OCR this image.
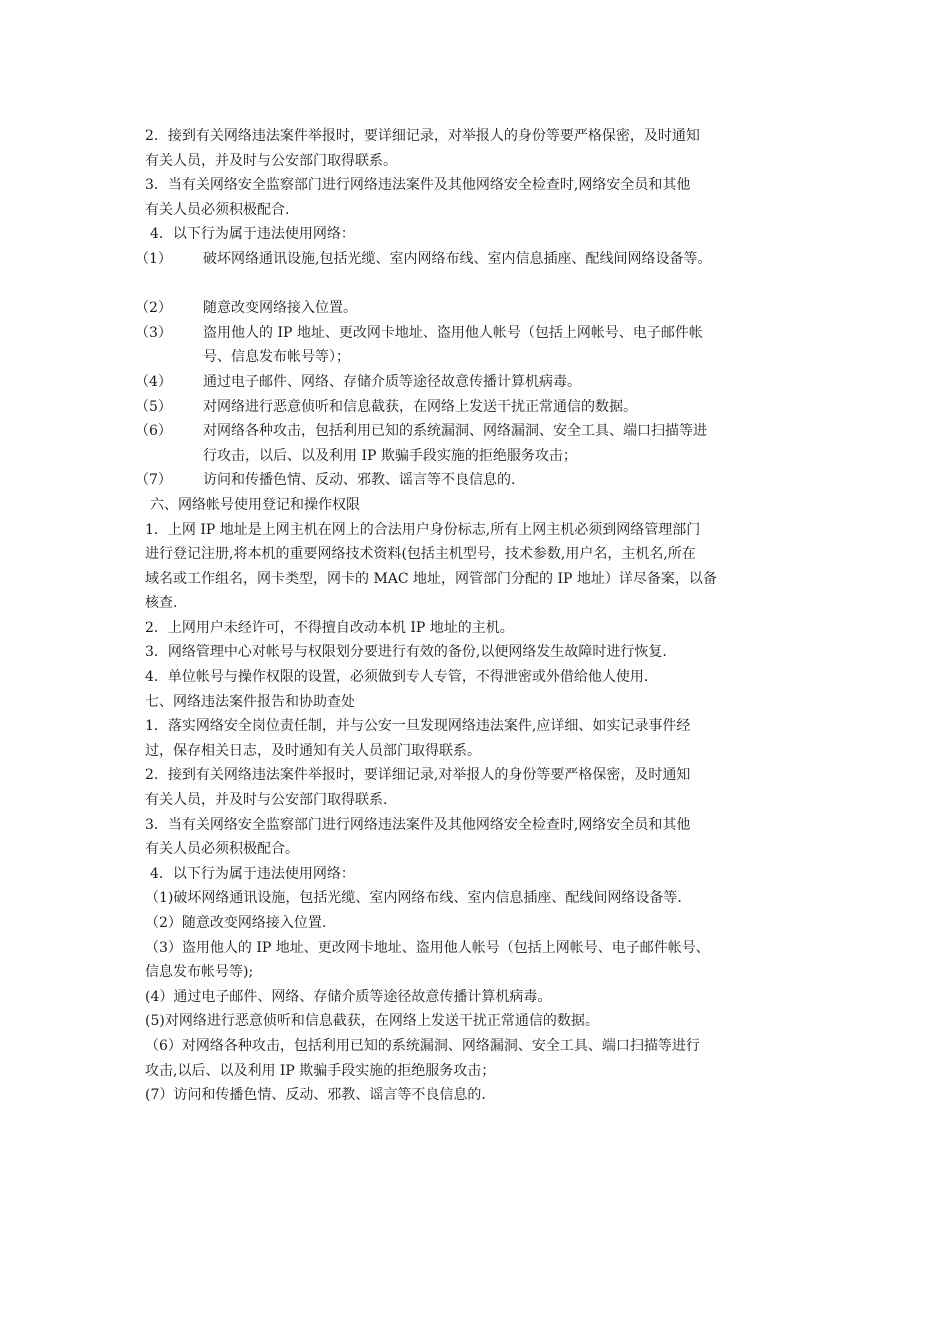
2．接到有关网络违法案件举报时，要详细记录，对举报人的身份等要严格保密，及时通知
有关人员，并及时与公安部门取得联系。
3．当有关网络安全监察部门进行网络违法案件及其他网络安全检查时,网络安全员和其他
有关人员必须积极配合.
4．以下行为属于违法使用网络：
（1） 破坏网络通讯设施,包括光缆、室内网络布线、室内信息插座、配线间网络设备等。
（2） 随意改变网络接入位置。
（3） 盗用他人的 IP 地址、更改网卡地址、盗用他人帐号（包括上网帐号、电子邮件帐
号、信息发布帐号等）；
（4） 通过电子邮件、网络、存储介质等途径故意传播计算机病毒。
（5） 对网络进行恶意侦听和信息截获，在网络上发送干扰正常通信的数据。
（6） 对网络各种攻击，包括利用已知的系统漏洞、网络漏洞、安全工具、端口扫描等进
行攻击，以后、以及利用 IP 欺骗手段实施的拒绝服务攻击；
（7） 访问和传播色情、反动、邪教、谣言等不良信息的.
六、网络帐号使用登记和操作权限
1．上网 IP 地址是上网主机在网上的合法用户身份标志,所有上网主机必须到网络管理部门
进行登记注册,将本机的重要网络技术资料(包括主机型号，技术参数,用户名，主机名,所在
域名或工作组名，网卡类型，网卡的 MAC 地址，网管部门分配的 IP 地址）详尽备案，以备
核查.
2．上网用户未经许可，不得擅自改动本机 IP 地址的主机。
3．网络管理中心对帐号与权限划分要进行有效的备份,以便网络发生故障时进行恢复.
4．单位帐号与操作权限的设置，必须做到专人专管，不得泄密或外借给他人使用.
七、网络违法案件报告和协助查处
1．落实网络安全岗位责任制，并与公安一旦发现网络违法案件,应详细、如实记录事件经
过，保存相关日志，及时通知有关人员部门取得联系。
2．接到有关网络违法案件举报时，要详细记录,对举报人的身份等要严格保密，及时通知
有关人员，并及时与公安部门取得联系.
3．当有关网络安全监察部门进行网络违法案件及其他网络安全检查时,网络安全员和其他
有关人员必须积极配合。
4．以下行为属于违法使用网络：
（1)破坏网络通讯设施，包括光缆、室内网络布线、室内信息插座、配线间网络设备等.
（2）随意改变网络接入位置.
（3）盗用他人的 IP 地址、更改网卡地址、盗用他人帐号（包括上网帐号、电子邮件帐号、
信息发布帐号等);
(4）通过电子邮件、网络、存储介质等途径故意传播计算机病毒。
(5)对网络进行恶意侦听和信息截获，在网络上发送干扰正常通信的数据。
（6）对网络各种攻击，包括利用已知的系统漏洞、网络漏洞、安全工具、端口扫描等进行
攻击,以后、以及利用 IP 欺骗手段实施的拒绝服务攻击；
(7）访问和传播色情、反动、邪教、谣言等不良信息的.
